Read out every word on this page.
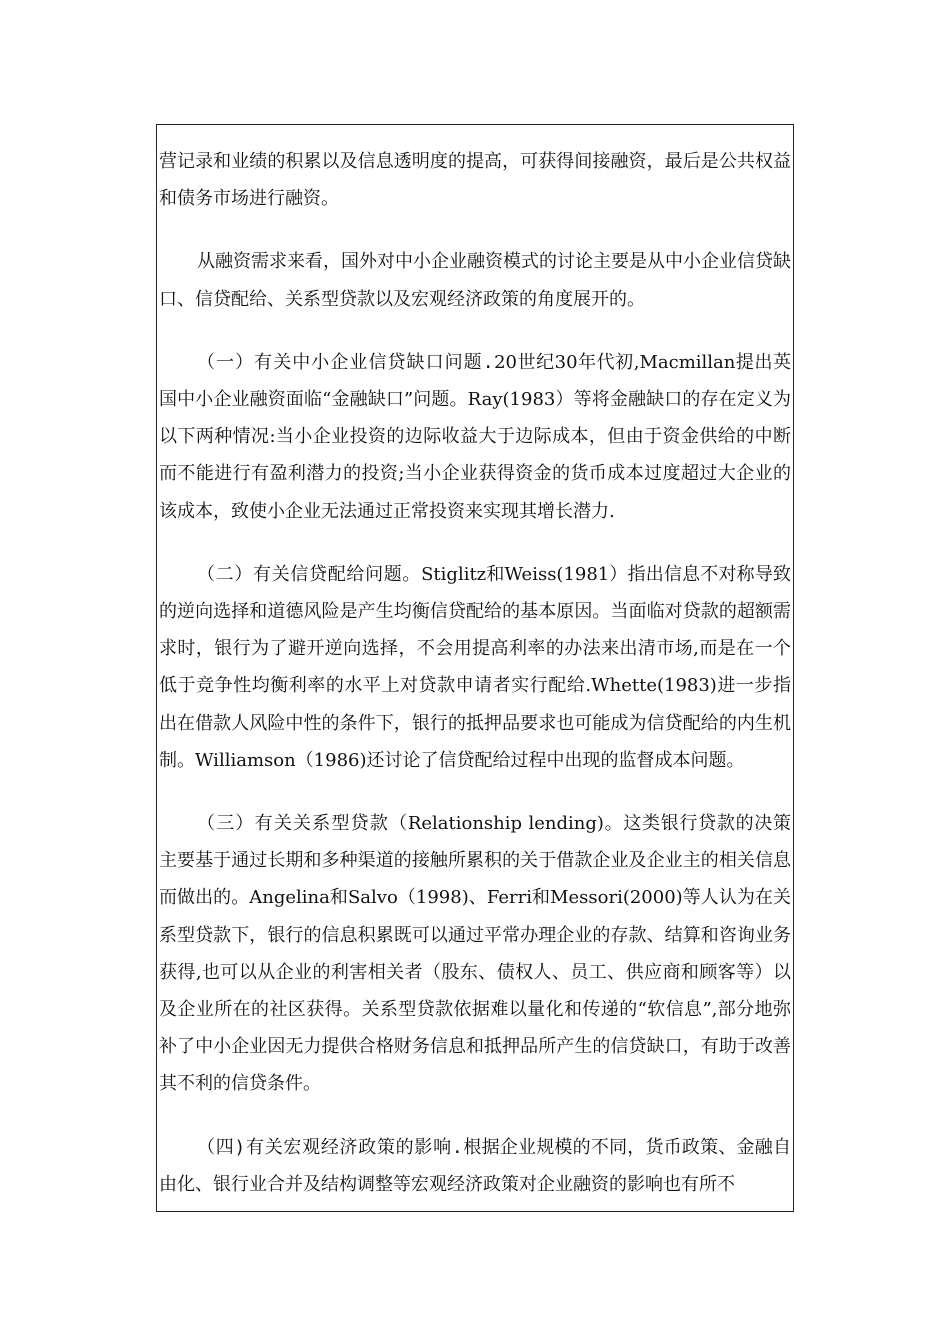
营记录和业绩的积累以及信息透明度的提高，可获得间接融资，最后是公共权益和债务市场进行融资。

从融资需求来看，国外对中小企业融资模式的讨论主要是从中小企业信贷缺口、信贷配给、关系型贷款以及宏观经济政策的角度展开的。

（一）有关中小企业信贷缺口问题.20世纪30年代初,Macmillan提出英国中小企业融资面临“金融缺口”问题。Ray(1983）等将金融缺口的存在定义为以下两种情况:当小企业投资的边际收益大于边际成本，但由于资金供给的中断而不能进行有盈利潜力的投资;当小企业获得资金的货币成本过度超过大企业的该成本，致使小企业无法通过正常投资来实现其增长潜力.

（二）有关信贷配给问题。Stiglitz和Weiss(1981）指出信息不对称导致的逆向选择和道德风险是产生均衡信贷配给的基本原因。当面临对贷款的超额需求时，银行为了避开逆向选择，不会用提高利率的办法来出清市场,而是在一个低于竞争性均衡利率的水平上对贷款申请者实行配给.Whette(1983)进一步指出在借款人风险中性的条件下，银行的抵押品要求也可能成为信贷配给的内生机制。Williamson（1986)还讨论了信贷配给过程中出现的监督成本问题。

（三）有关关系型贷款（Relationship lending)。这类银行贷款的决策主要基于通过长期和多种渠道的接触所累积的关于借款企业及企业主的相关信息而做出的。Angelina和Salvo（1998)、Ferri和Messori(2000)等人认为在关系型贷款下，银行的信息积累既可以通过平常办理企业的存款、结算和咨询业务获得,也可以从企业的利害相关者（股东、债权人、员工、供应商和顾客等）以及企业所在的社区获得。关系型贷款依据难以量化和传递的“软信息”,部分地弥补了中小企业因无力提供合格财务信息和抵押品所产生的信贷缺口，有助于改善其不利的信贷条件。

（四)有关宏观经济政策的影响.根据企业规模的不同，货币政策、金融自由化、银行业合并及结构调整等宏观经济政策对企业融资的影响也有所不
